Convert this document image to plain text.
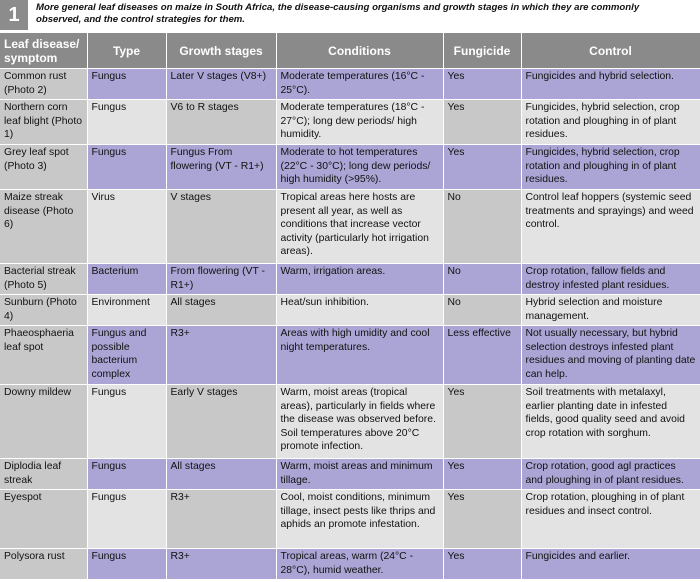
1	More general leaf diseases on maize in South Africa, the disease-causing organisms and growth stages in which they are commonly observed, and the control strategies for them.
Leaf disease/
symptom	Type	Growth stages	Conditions	Fungicide	Control
Common rust (Photo 2)	Fungus	Later V stages (V8+)	Moderate temperatures (16°C - 25°C).	Yes	Fungicides and hybrid selection.
Northern corn leaf blight (Photo 1)	Fungus	V6 to R stages	Moderate temperatures (18°C - 27°C); long dew periods/ high humidity.	Yes	Fungicides, hybrid selection, crop rotation and ploughing in of plant residues.
Grey leaf spot (Photo 3)	Fungus	Fungus From flowering (VT - R1+)	Moderate to hot temperatures (22°C - 30°C); long dew periods/ high humidity (>95%).	Yes	Fungicides, hybrid selection, crop rotation and ploughing in of plant residues.
Maize streak disease (Photo 6)	Virus	V stages	Tropical areas here hosts are present all year, as well as conditions that increase vector activity (particularly hot irrigation areas).	No	Control leaf hoppers (systemic seed treatments and sprayings) and weed control.
Bacterial streak (Photo 5)	Bacterium	From flowering (VT - R1+)	Warm, irrigation areas.	No	Crop rotation, fallow fields and destroy infested plant residues.
Sunburn (Photo 4)	Environment	All stages	Heat/sun inhibition.	No	Hybrid selection and moisture management.
Phaeosphaeria leaf spot	Fungus and possible bacterium complex	R3+	Areas with high umidity and cool night temperatures.	Less effective	Not usually necessary, but hybrid selection destroys infested plant residues and moving of planting date can help.
Downy mildew	Fungus	Early V stages	Warm, moist areas (tropical areas), particularly in fields where the disease was observed before. Soil temperatures above 20°C promote infection.	Yes	Soil treatments with metalaxyl, earlier planting date in infested fields, good quality seed and avoid crop rotation with sorghum.
Diplodia leaf streak	Fungus	All stages	Warm, moist areas and minimum tillage.	Yes	Crop rotation, good agl practices and ploughing in of plant residues.
Eyespot	Fungus	R3+	Cool, moist conditions, minimum tillage, insect pests like thrips and aphids an promote infestation.	Yes	Crop rotation, ploughing in of plant residues and insect control.
Polysora rust	Fungus	R3+	Tropical areas, warm (24°C - 28°C), humid weather.	Yes	Fungicides and earlier.
